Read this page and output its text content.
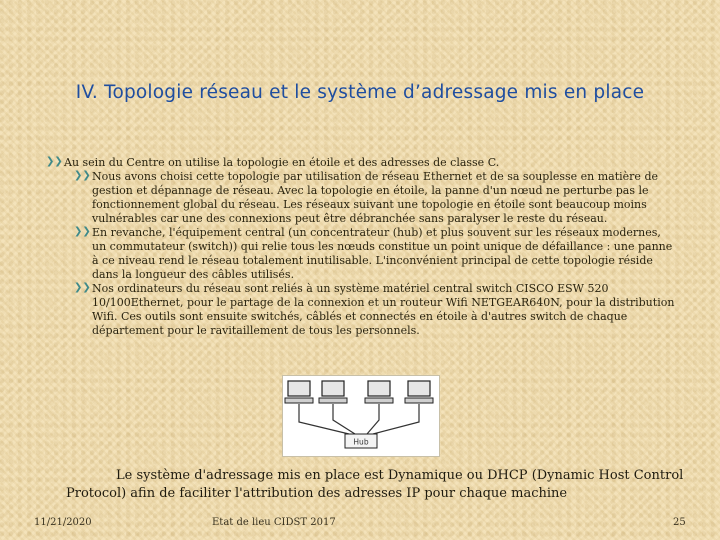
IV. Topologie réseau et le système d’adressage mis en place

❯❯ Au sein du Centre on utilise la topologie en étoile et des adresses de classe C.

❯❯ Nous avons choisi cette topologie par utilisation de réseau Ethernet et de sa souplesse en matière de gestion et dépannage de réseau. Avec la topologie en étoile, la panne d'un nœud ne perturbe pas le fonctionnement global du réseau. Les réseaux suivant une topologie en étoile sont beaucoup moins vulnérables car une des connexions peut être débranchée sans paralyser le reste du réseau.

❯❯ En revanche, l'équipement central (un concentrateur (hub) et plus souvent sur les réseaux modernes, un commutateur (switch)) qui relie tous les nœuds constitue un point unique de défaillance : une panne à ce niveau rend le réseau totalement inutilisable. L'inconvénient principal de cette topologie réside dans la longueur des câbles utilisés.

❯❯ Nos ordinateurs du réseau sont reliés à un système matériel central switch CISCO ESW 520 10/100Ethernet, pour le partage de la connexion et un routeur Wifi NETGEAR640N, pour la distribution Wifi. Ces outils sont ensuite switchés, câblés et connectés en étoile à d'autres switch de chaque département pour le ravitaillement de tous les personnels.

Hub
Le système d'adressage mis en place est Dynamique ou DHCP (Dynamic Host Control Protocol) afin de faciliter l'attribution des adresses IP pour chaque machine
11/21/2020	Etat de lieu CIDST 2017	25
